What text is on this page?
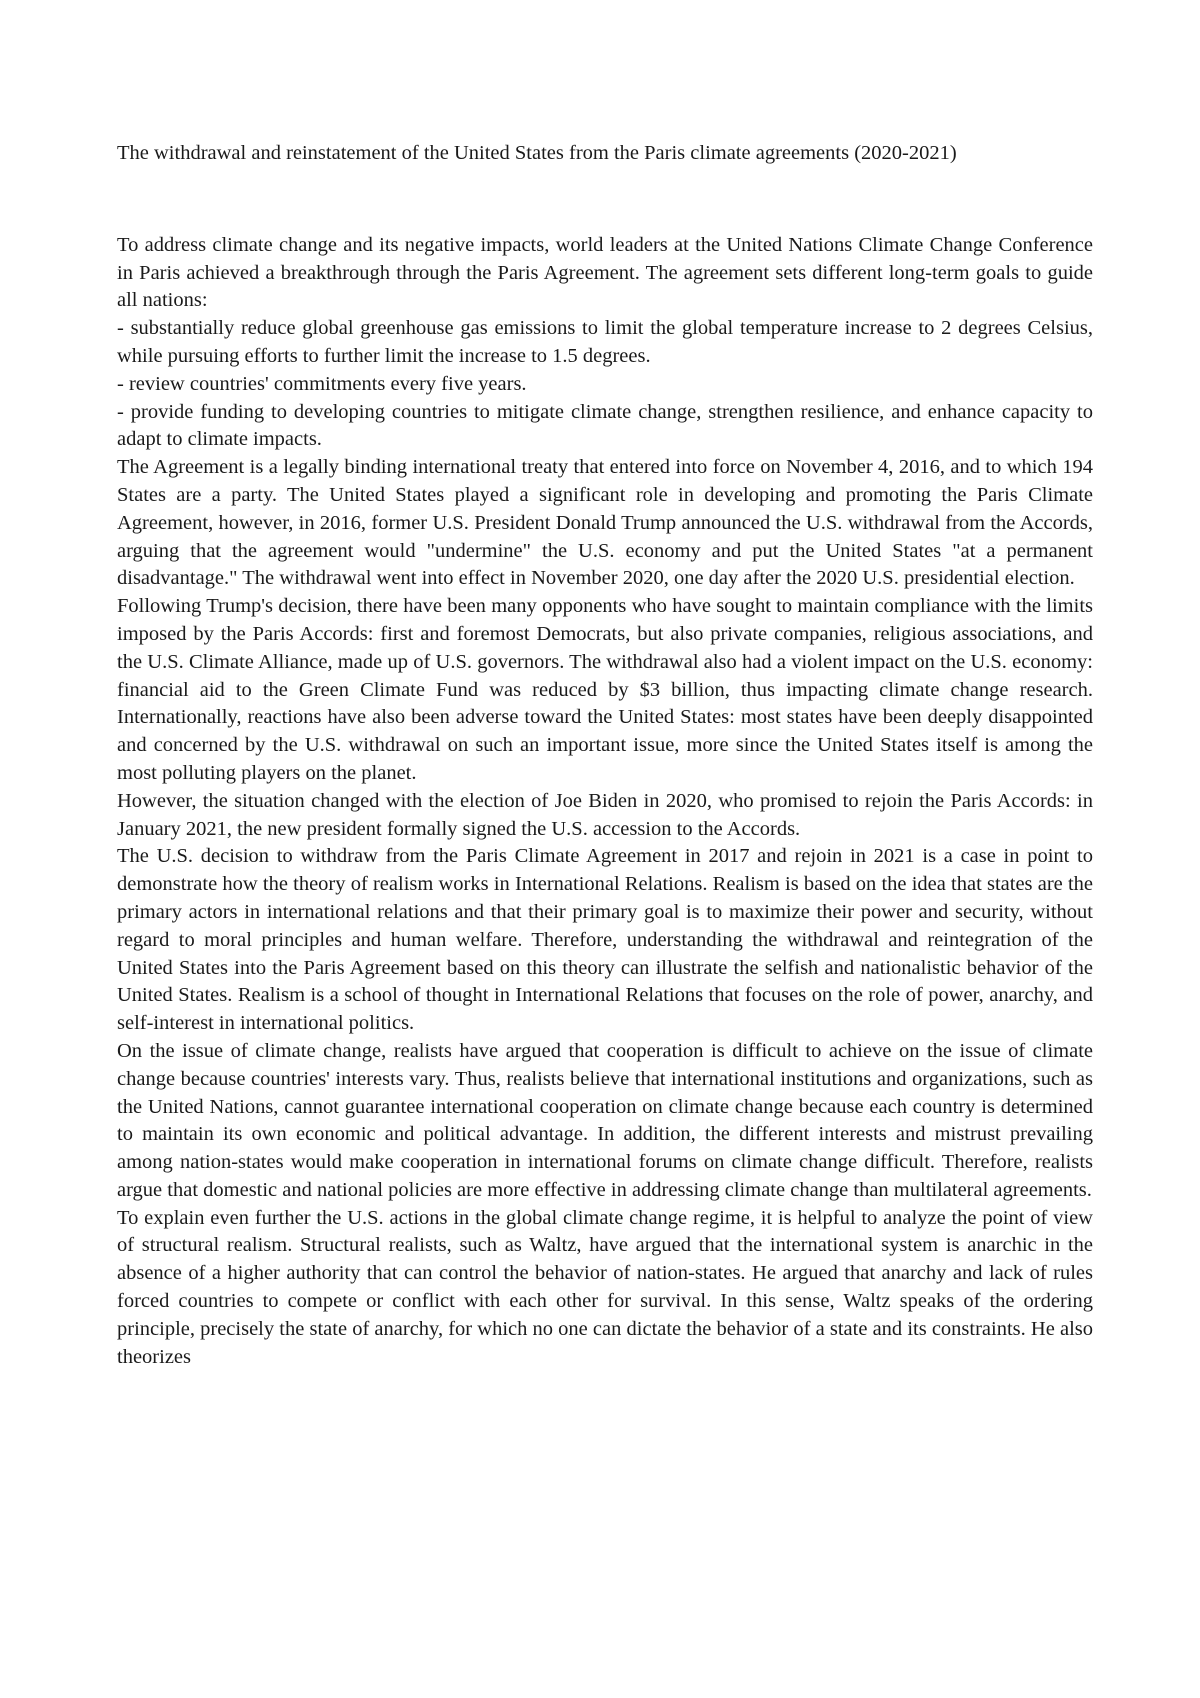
The withdrawal and reinstatement of the United States from the Paris climate agreements (2020-2021)

To address climate change and its negative impacts, world leaders at the United Nations Climate Change Conference in Paris achieved a breakthrough through the Paris Agreement. The agreement sets different long-term goals to guide all nations:

- substantially reduce global greenhouse gas emissions to limit the global temperature increase to 2 degrees Celsius, while pursuing efforts to further limit the increase to 1.5 degrees.

- review countries' commitments every five years.

- provide funding to developing countries to mitigate climate change, strengthen resilience, and enhance capacity to adapt to climate impacts.

The Agreement is a legally binding international treaty that entered into force on November 4, 2016, and to which 194 States are a party. The United States played a significant role in developing and promoting the Paris Climate Agreement, however, in 2016, former U.S. President Donald Trump announced the U.S. withdrawal from the Accords, arguing that the agreement would "undermine" the U.S. economy and put the United States "at a permanent disadvantage." The withdrawal went into effect in November 2020, one day after the 2020 U.S. presidential election.

Following Trump's decision, there have been many opponents who have sought to maintain compliance with the limits imposed by the Paris Accords: first and foremost Democrats, but also private companies, religious associations, and the U.S. Climate Alliance, made up of U.S. governors. The withdrawal also had a violent impact on the U.S. economy: financial aid to the Green Climate Fund was reduced by $3 billion, thus impacting climate change research. Internationally, reactions have also been adverse toward the United States: most states have been deeply disappointed and concerned by the U.S. withdrawal on such an important issue, more since the United States itself is among the most polluting players on the planet.

However, the situation changed with the election of Joe Biden in 2020, who promised to rejoin the Paris Accords: in January 2021, the new president formally signed the U.S. accession to the Accords.

The U.S. decision to withdraw from the Paris Climate Agreement in 2017 and rejoin in 2021 is a case in point to demonstrate how the theory of realism works in International Relations. Realism is based on the idea that states are the primary actors in international relations and that their primary goal is to maximize their power and security, without regard to moral principles and human welfare. Therefore, understanding the withdrawal and reintegration of the United States into the Paris Agreement based on this theory can illustrate the selfish and nationalistic behavior of the United States. Realism is a school of thought in International Relations that focuses on the role of power, anarchy, and self-interest in international politics.

On the issue of climate change, realists have argued that cooperation is difficult to achieve on the issue of climate change because countries' interests vary. Thus, realists believe that international institutions and organizations, such as the United Nations, cannot guarantee international cooperation on climate change because each country is determined to maintain its own economic and political advantage. In addition, the different interests and mistrust prevailing among nation-states would make cooperation in international forums on climate change difficult. Therefore, realists argue that domestic and national policies are more effective in addressing climate change than multilateral agreements.

To explain even further the U.S. actions in the global climate change regime, it is helpful to analyze the point of view of structural realism. Structural realists, such as Waltz, have argued that the international system is anarchic in the absence of a higher authority that can control the behavior of nation-states. He argued that anarchy and lack of rules forced countries to compete or conflict with each other for survival. In this sense, Waltz speaks of the ordering principle, precisely the state of anarchy, for which no one can dictate the behavior of a state and its constraints. He also theorizes
